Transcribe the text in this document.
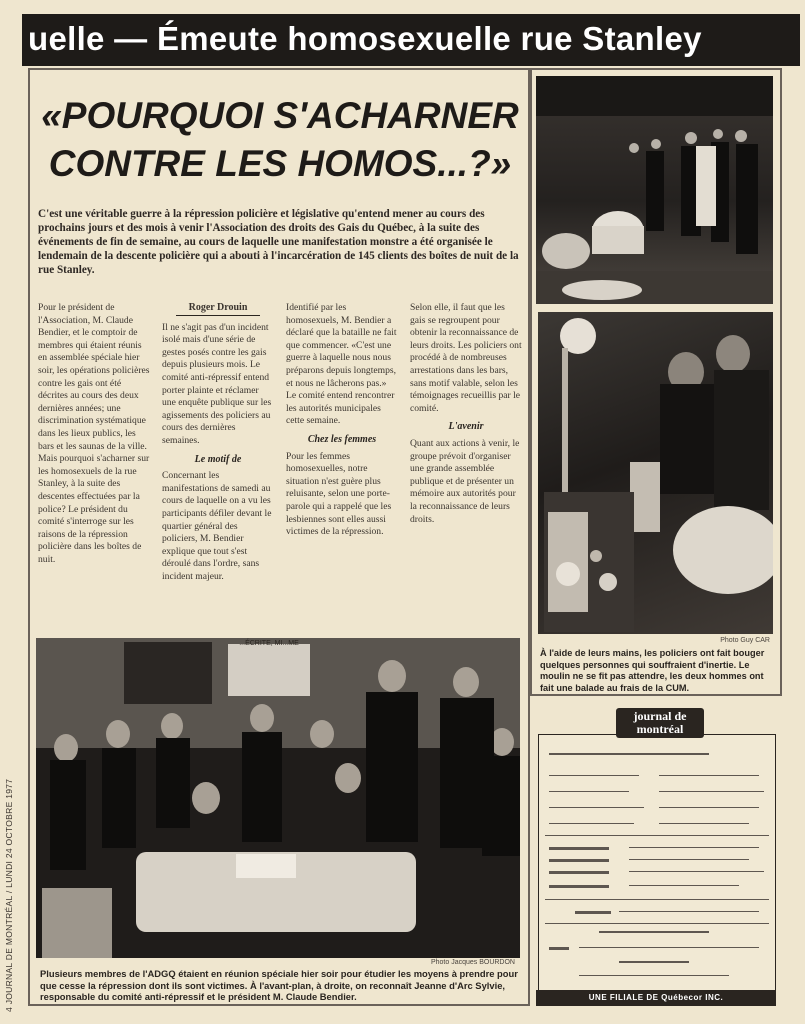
uelle — Émeute homosexuelle rue Stanley
«POURQUOI S'ACHARNER
CONTRE LES HOMOS...?»
C'est une véritable guerre à la répression policière et législative qu'entend mener au cours des prochains jours et des mois à venir l'Association des droits des Gais du Québec, à la suite des événements de fin de semaine, au cours de laquelle une manifestation monstre a été organisée le lendemain de la descente policière qui a abouti à l'incarcération de 145 clients des boîtes de nuit de la rue Stanley.
Pour le président de l'Association, M. Claude Bendier, et le comptoir de membres qui étaient réunis en assemblée spéciale hier soir, les opérations policières contre les gais ont été décrites au cours des deux dernières années; une discrimination systématique dans les lieux publics, les bars et les saunas de la ville. Mais pourquoi s'acharner sur les homosexuels de la rue Stanley, à la suite des descentes effectuées par la police? Le président du comité s'interroge sur les raisons de la répression policière dans les boîtes de nuit.
Roger Drouin
Il ne s'agit pas d'un incident isolé mais d'une série de gestes posés contre les gais depuis plusieurs mois. Le comité anti-répressif entend porter plainte et réclamer une enquête publique sur les agissements des policiers au cours des dernières semaines.
Le motif de
Concernant les manifestations de samedi au cours de laquelle on a vu les participants défiler devant le quartier général des policiers, M. Bendier explique que tout s'est déroulé dans l'ordre, sans incident majeur.
Identifié par les homosexuels, M. Bendier a déclaré que la bataille ne fait que commencer. «C'est une guerre à laquelle nous nous préparons depuis longtemps, et nous ne lâcherons pas.» Le comité entend rencontrer les autorités municipales cette semaine.
Chez les femmes
Pour les femmes homosexuelles, notre situation n'est guère plus reluisante, selon une porte-parole qui a rappelé que les lesbiennes sont elles aussi victimes de la répression.
Selon elle, il faut que les gais se regroupent pour obtenir la reconnaissance de leurs droits. Les policiers ont procédé à de nombreuses arrestations dans les bars, sans motif valable, selon les témoignages recueillis par le comité.
L'avenir
Quant aux actions à venir, le groupe prévoit d'organiser une grande assemblée publique et de présenter un mémoire aux autorités pour la reconnaissance de leurs droits.
Photo Guy CAR
À l'aide de leurs mains, les policiers ont fait bouger quelques personnes qui souffraient d'inertie. Le moulin ne se fit pas attendre, les deux hommes ont fait une balade au frais de la CUM.
...ÉCRITE, MI...ME
Photo Jacques BOURDON
Plusieurs membres de l'ADGQ étaient en réunion spéciale hier soir pour étudier les moyens à prendre pour que cesse la répression dont ils sont victimes. À l'avant-plan, à droite, on reconnaît Jeanne d'Arc Sylvie, responsable du comité anti-répressif et le président M. Claude Bendier.
4 JOURNAL DE MONTRÉAL / LUNDI 24 OCTOBRE 1977
journal de montréal
UNE FILIALE DE Québecor INC.
